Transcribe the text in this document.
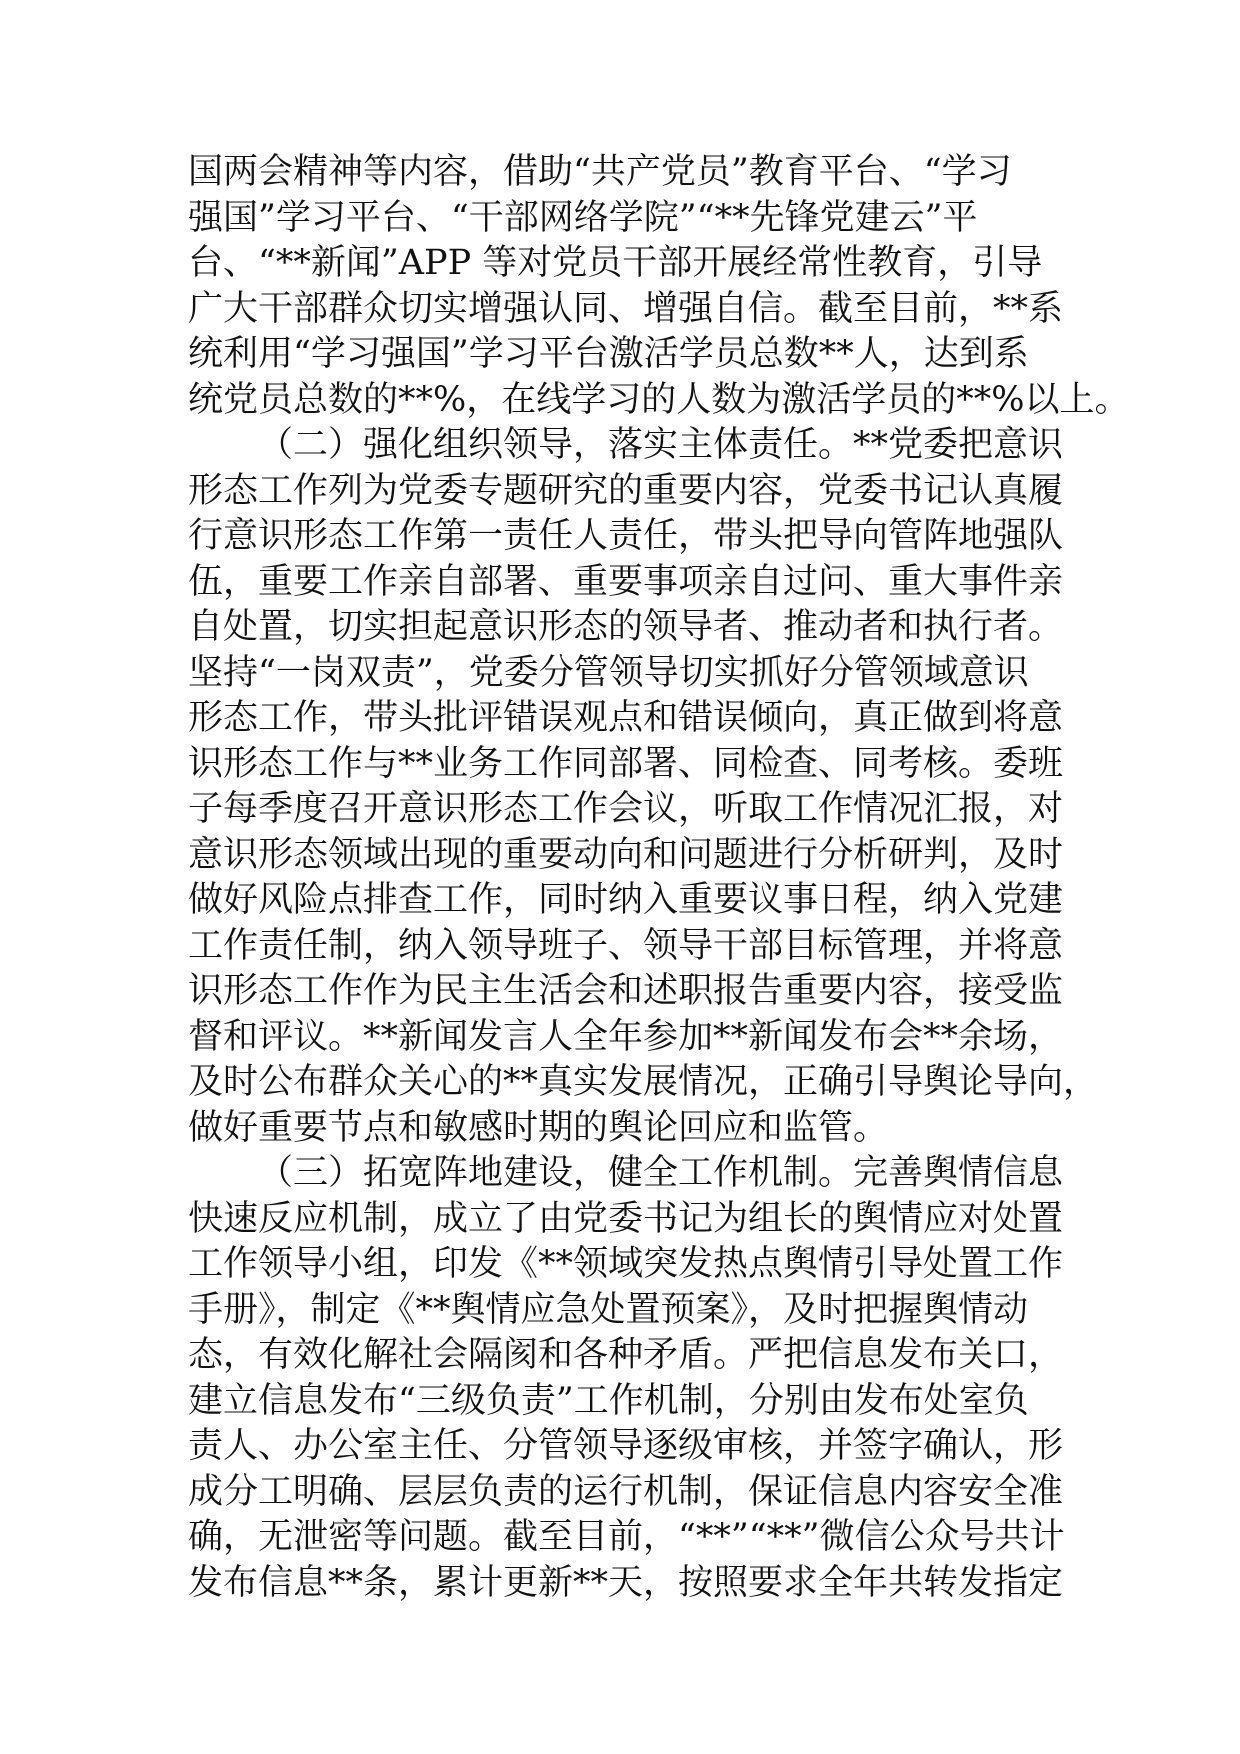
国两会精神等内容，借助“共产党员”教育平台、“学习
强国”学习平台、“干部网络学院”“**先锋党建云”平
台、“**新闻”APP 等对党员干部开展经常性教育，引导
广大干部群众切实增强认同、增强自信。截至目前，**系
统利用“学习强国”学习平台激活学员总数**人，达到系
统党员总数的**%，在线学习的人数为激活学员的**%以上。
（二）强化组织领导，落实主体责任。**党委把意识
形态工作列为党委专题研究的重要内容，党委书记认真履
行意识形态工作第一责任人责任，带头把导向管阵地强队
伍，重要工作亲自部署、重要事项亲自过问、重大事件亲
自处置，切实担起意识形态的领导者、推动者和执行者。
坚持“一岗双责”，党委分管领导切实抓好分管领域意识
形态工作，带头批评错误观点和错误倾向，真正做到将意
识形态工作与**业务工作同部署、同检查、同考核。委班
子每季度召开意识形态工作会议，听取工作情况汇报，对
意识形态领域出现的重要动向和问题进行分析研判，及时
做好风险点排查工作，同时纳入重要议事日程，纳入党建
工作责任制，纳入领导班子、领导干部目标管理，并将意
识形态工作作为民主生活会和述职报告重要内容，接受监
督和评议。**新闻发言人全年参加**新闻发布会**余场，
及时公布群众关心的**真实发展情况，正确引导舆论导向，
做好重要节点和敏感时期的舆论回应和监管。
（三）拓宽阵地建设，健全工作机制。完善舆情信息
快速反应机制，成立了由党委书记为组长的舆情应对处置
工作领导小组，印发《**领域突发热点舆情引导处置工作
手册》，制定《**舆情应急处置预案》，及时把握舆情动
态，有效化解社会隔阂和各种矛盾。严把信息发布关口，
建立信息发布“三级负责”工作机制，分别由发布处室负
责人、办公室主任、分管领导逐级审核，并签字确认，形
成分工明确、层层负责的运行机制，保证信息内容安全准
确，无泄密等问题。截至目前，“**”“**”微信公众号共计
发布信息**条，累计更新**天，按照要求全年共转发指定
